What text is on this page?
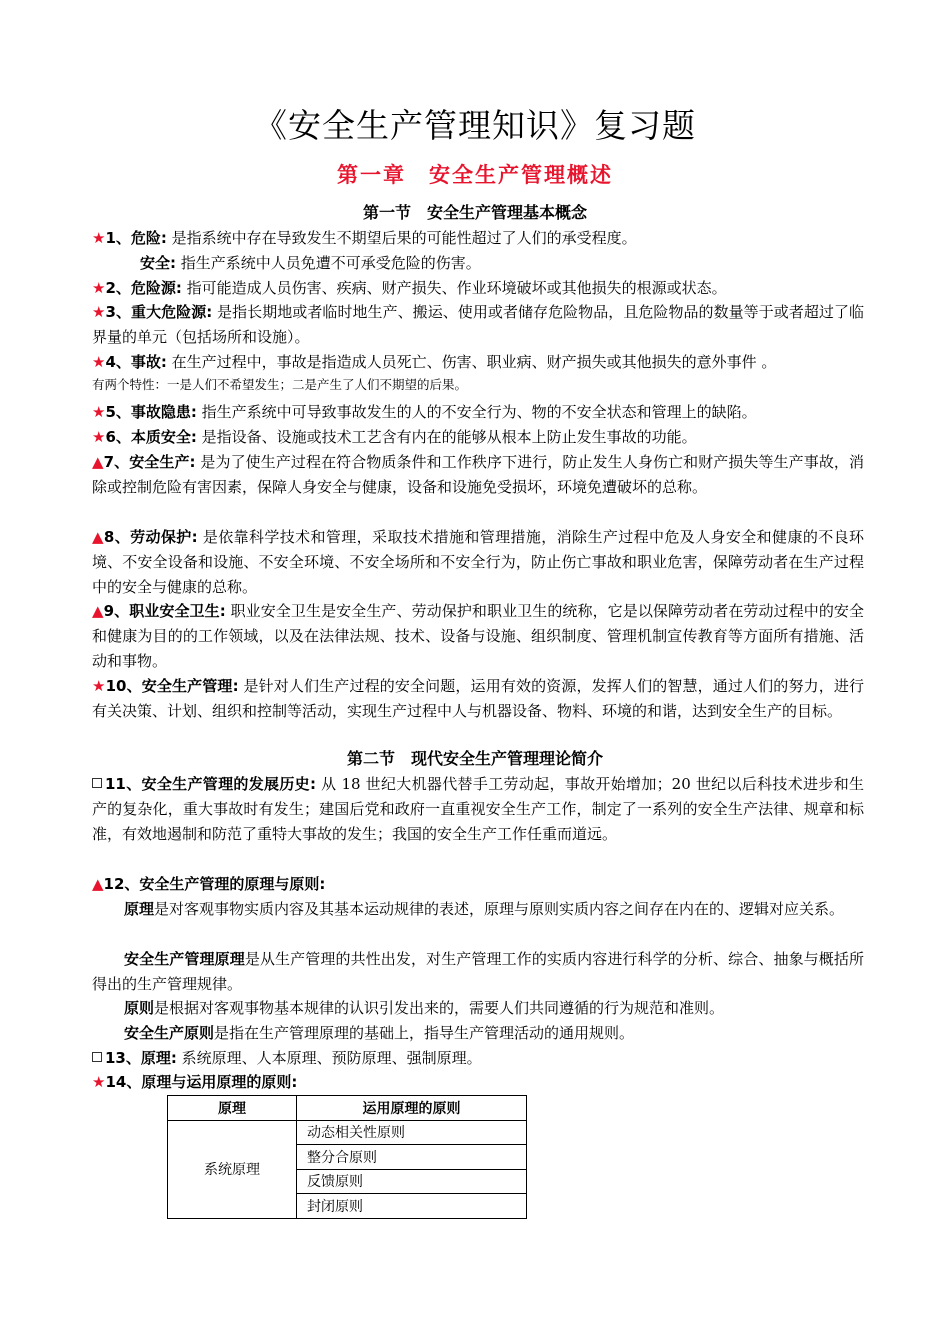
《安全生产管理知识》复习题
第一章　安全生产管理概述
第一节　安全生产管理基本概念
★1、危险: 是指系统中存在导致发生不期望后果的可能性超过了人们的承受程度。
安全: 指生产系统中人员免遭不可承受危险的伤害。
★2、危险源: 指可能造成人员伤害、疾病、财产损失、作业环境破坏或其他损失的根源或状态。
★3、重大危险源: 是指长期地或者临时地生产、搬运、使用或者储存危险物品，且危险物品的数量等于或者超过了临界量的单元（包括场所和设施）。
★4、事故: 在生产过程中，事故是指造成人员死亡、伤害、职业病、财产损失或其他损失的意外事件 。
有两个特性：一是人们不希望发生；二是产生了人们不期望的后果。
★5、事故隐患: 指生产系统中可导致事故发生的人的不安全行为、物的不安全状态和管理上的缺陷。
★6、本质安全: 是指设备、设施或技术工艺含有内在的能够从根本上防止发生事故的功能。
▲7、安全生产: 是为了使生产过程在符合物质条件和工作秩序下进行，防止发生人身伤亡和财产损失等生产事故，消除或控制危险有害因素，保障人身安全与健康，设备和设施免受损坏，环境免遭破坏的总称。
▲8、劳动保护: 是依靠科学技术和管理，采取技术措施和管理措施，消除生产过程中危及人身安全和健康的不良环境、不安全设备和设施、不安全环境、不安全场所和不安全行为，防止伤亡事故和职业危害，保障劳动者在生产过程中的安全与健康的总称。
▲9、职业安全卫生: 职业安全卫生是安全生产、劳动保护和职业卫生的统称，它是以保障劳动者在劳动过程中的安全和健康为目的的工作领域，以及在法律法规、技术、设备与设施、组织制度、管理机制宣传教育等方面所有措施、活动和事物。
★10、安全生产管理: 是针对人们生产过程的安全问题，运用有效的资源，发挥人们的智慧，通过人们的努力，进行有关决策、计划、组织和控制等活动，实现生产过程中人与机器设备、物料、环境的和谐，达到安全生产的目标。
第二节　现代安全生产管理理论简介
11、安全生产管理的发展历史: 从 18 世纪大机器代替手工劳动起，事故开始增加；20 世纪以后科技术进步和生产的复杂化，重大事故时有发生；建国后党和政府一直重视安全生产工作，制定了一系列的安全生产法律、规章和标准，有效地遏制和防范了重特大事故的发生；我国的安全生产工作任重而道远。
▲12、安全生产管理的原理与原则:
原理是对客观事物实质内容及其基本运动规律的表述，原理与原则实质内容之间存在内在的、逻辑对应关系。
安全生产管理原理是从生产管理的共性出发，对生产管理工作的实质内容进行科学的分析、综合、抽象与概括所得出的生产管理规律。
原则是根据对客观事物基本规律的认识引发出来的，需要人们共同遵循的行为规范和准则。
安全生产原则是指在生产管理原理的基础上，指导生产管理活动的通用规则。
13、原理: 系统原理、人本原理、预防原理、强制原理。
★14、原理与运用原理的原则:
原理	运用原理的原则
系统原理	动态相关性原则
	整分合原则
	反馈原则
	封闭原则
